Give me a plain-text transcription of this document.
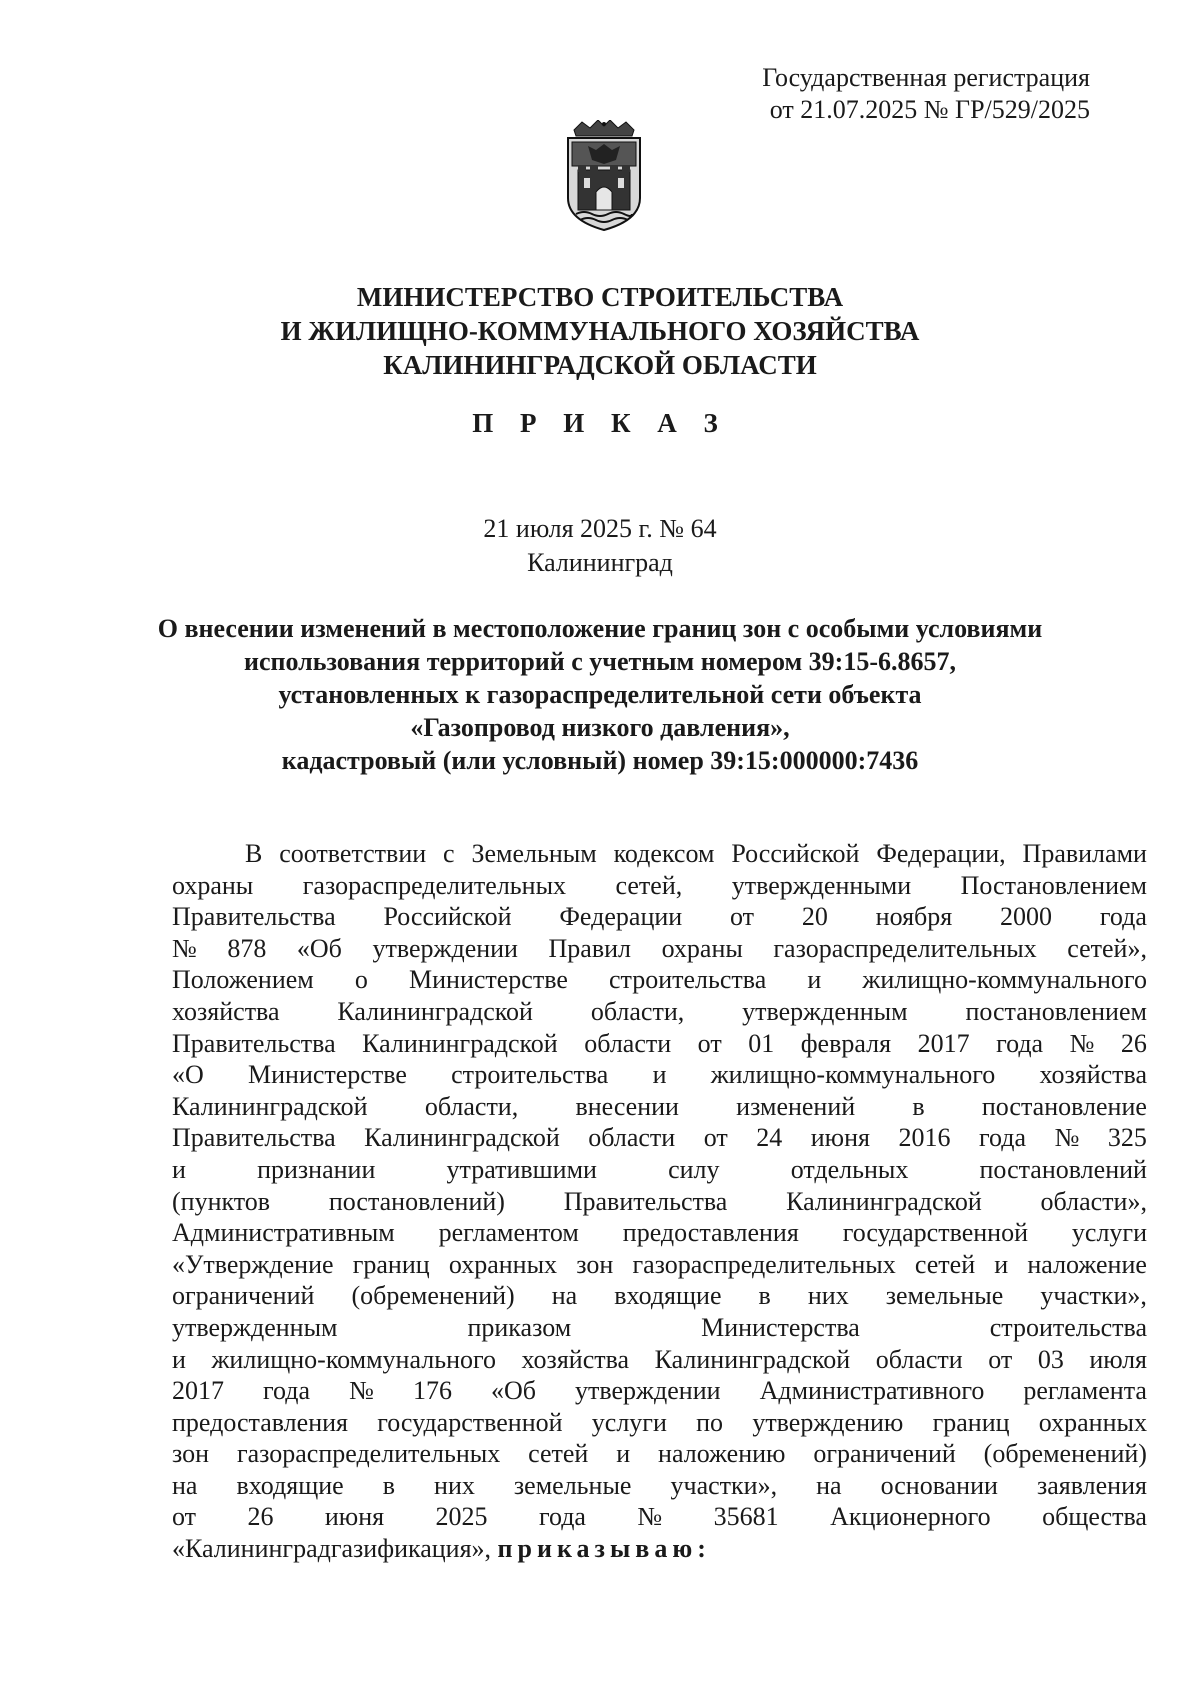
Государственная регистрация
от 21.07.2025 № ГР/529/2025
МИНИСТЕРСТВО СТРОИТЕЛЬСТВА
И ЖИЛИЩНО-КОММУНАЛЬНОГО ХОЗЯЙСТВА
КАЛИНИНГРАДСКОЙ ОБЛАСТИ
П Р И К А З
21 июля 2025 г. № 64
Калининград
О внесении изменений в местоположение границ зон с особыми условиями
использования территорий с учетным номером 39:15-6.8657,
установленных к газораспределительной сети объекта
«Газопровод низкого давления»,
кадастровый (или условный) номер 39:15:000000:7436
В соответствии с Земельным кодексом Российской Федерации, Правилами
охраны газораспределительных сетей, утвержденными Постановлением
Правительства Российской Федерации от 20 ноября 2000 года
№ 878 «Об утверждении Правил охраны газораспределительных сетей»,
Положением о Министерстве строительства и жилищно-коммунального
хозяйства Калининградской области, утвержденным постановлением
Правительства Калининградской области от 01 февраля 2017 года № 26
«О Министерстве строительства и жилищно-коммунального хозяйства
Калининградской области, внесении изменений в постановление
Правительства Калининградской области от 24 июня 2016 года № 325
и	признании	утратившими	силу	отдельных	постановлений
(пунктов постановлений) Правительства Калининградской области»,
Административным регламентом предоставления государственной услуги
«Утверждение границ охранных зон газораспределительных сетей и наложение
ограничений (обременений) на входящие в них земельные участки»,
утвержденным	приказом	Министерства	строительства
и жилищно-коммунального хозяйства Калининградской области от 03 июля
2017 года № 176 «Об утверждении Административного регламента
предоставления государственной услуги по утверждению границ охранных
зон газораспределительных сетей и наложению ограничений (обременений)
на входящие в них земельные участки», на основании заявления
от 26 июня 2025 года № 35681 Акционерного общества
«Калининградгазификация», приказываю:
